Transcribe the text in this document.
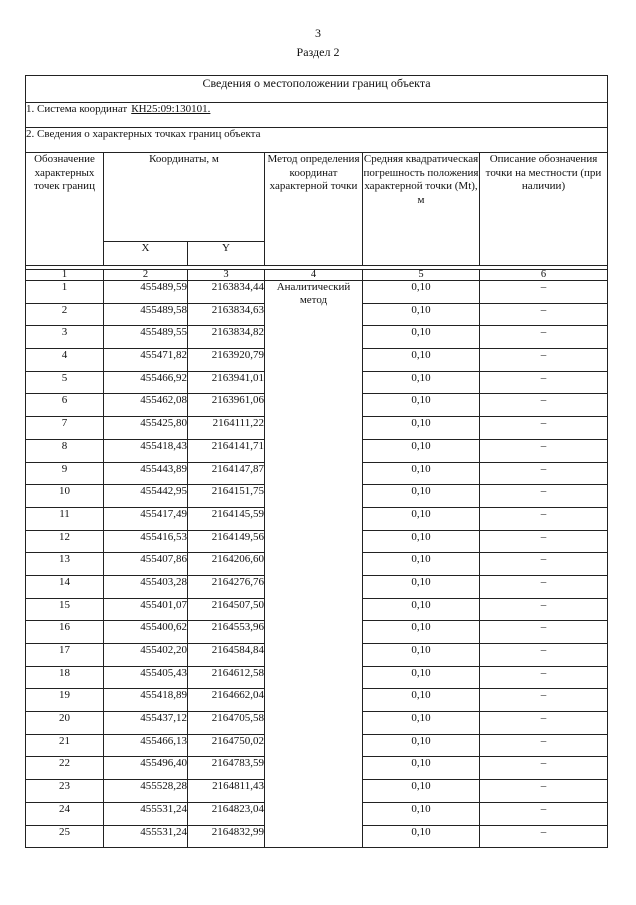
3
Раздел 2
Сведения о местоположении границ объекта					
1. Система координат КН25:09:130101.					
2. Сведения о характерных точках границ объекта					
Обозначение характерных точек границ	Координаты, м		Метод определения координат характерной точки	Средняя квадратическая погрешность положения характерной точки (Mt), м	Описание обозначения точки на местности (при наличии)
	X	Y			

1	2	3	4	5	6
1	455489,59	2163834,44	Аналитический метод	0,10	–
2	455489,58	2163834,63		0,10	–
3	455489,55	2163834,82		0,10	–
4	455471,82	2163920,79		0,10	–
5	455466,92	2163941,01		0,10	–
6	455462,08	2163961,06		0,10	–
7	455425,80	2164111,22		0,10	–
8	455418,43	2164141,71		0,10	–
9	455443,89	2164147,87		0,10	–
10	455442,95	2164151,75		0,10	–
11	455417,49	2164145,59		0,10	–
12	455416,53	2164149,56		0,10	–
13	455407,86	2164206,60		0,10	–
14	455403,28	2164276,76		0,10	–
15	455401,07	2164507,50		0,10	–
16	455400,62	2164553,96		0,10	–
17	455402,20	2164584,84		0,10	–
18	455405,43	2164612,58		0,10	–
19	455418,89	2164662,04		0,10	–
20	455437,12	2164705,58		0,10	–
21	455466,13	2164750,02		0,10	–
22	455496,40	2164783,59		0,10	–
23	455528,28	2164811,43		0,10	–
24	455531,24	2164823,04		0,10	–
25	455531,24	2164832,99		0,10	–
